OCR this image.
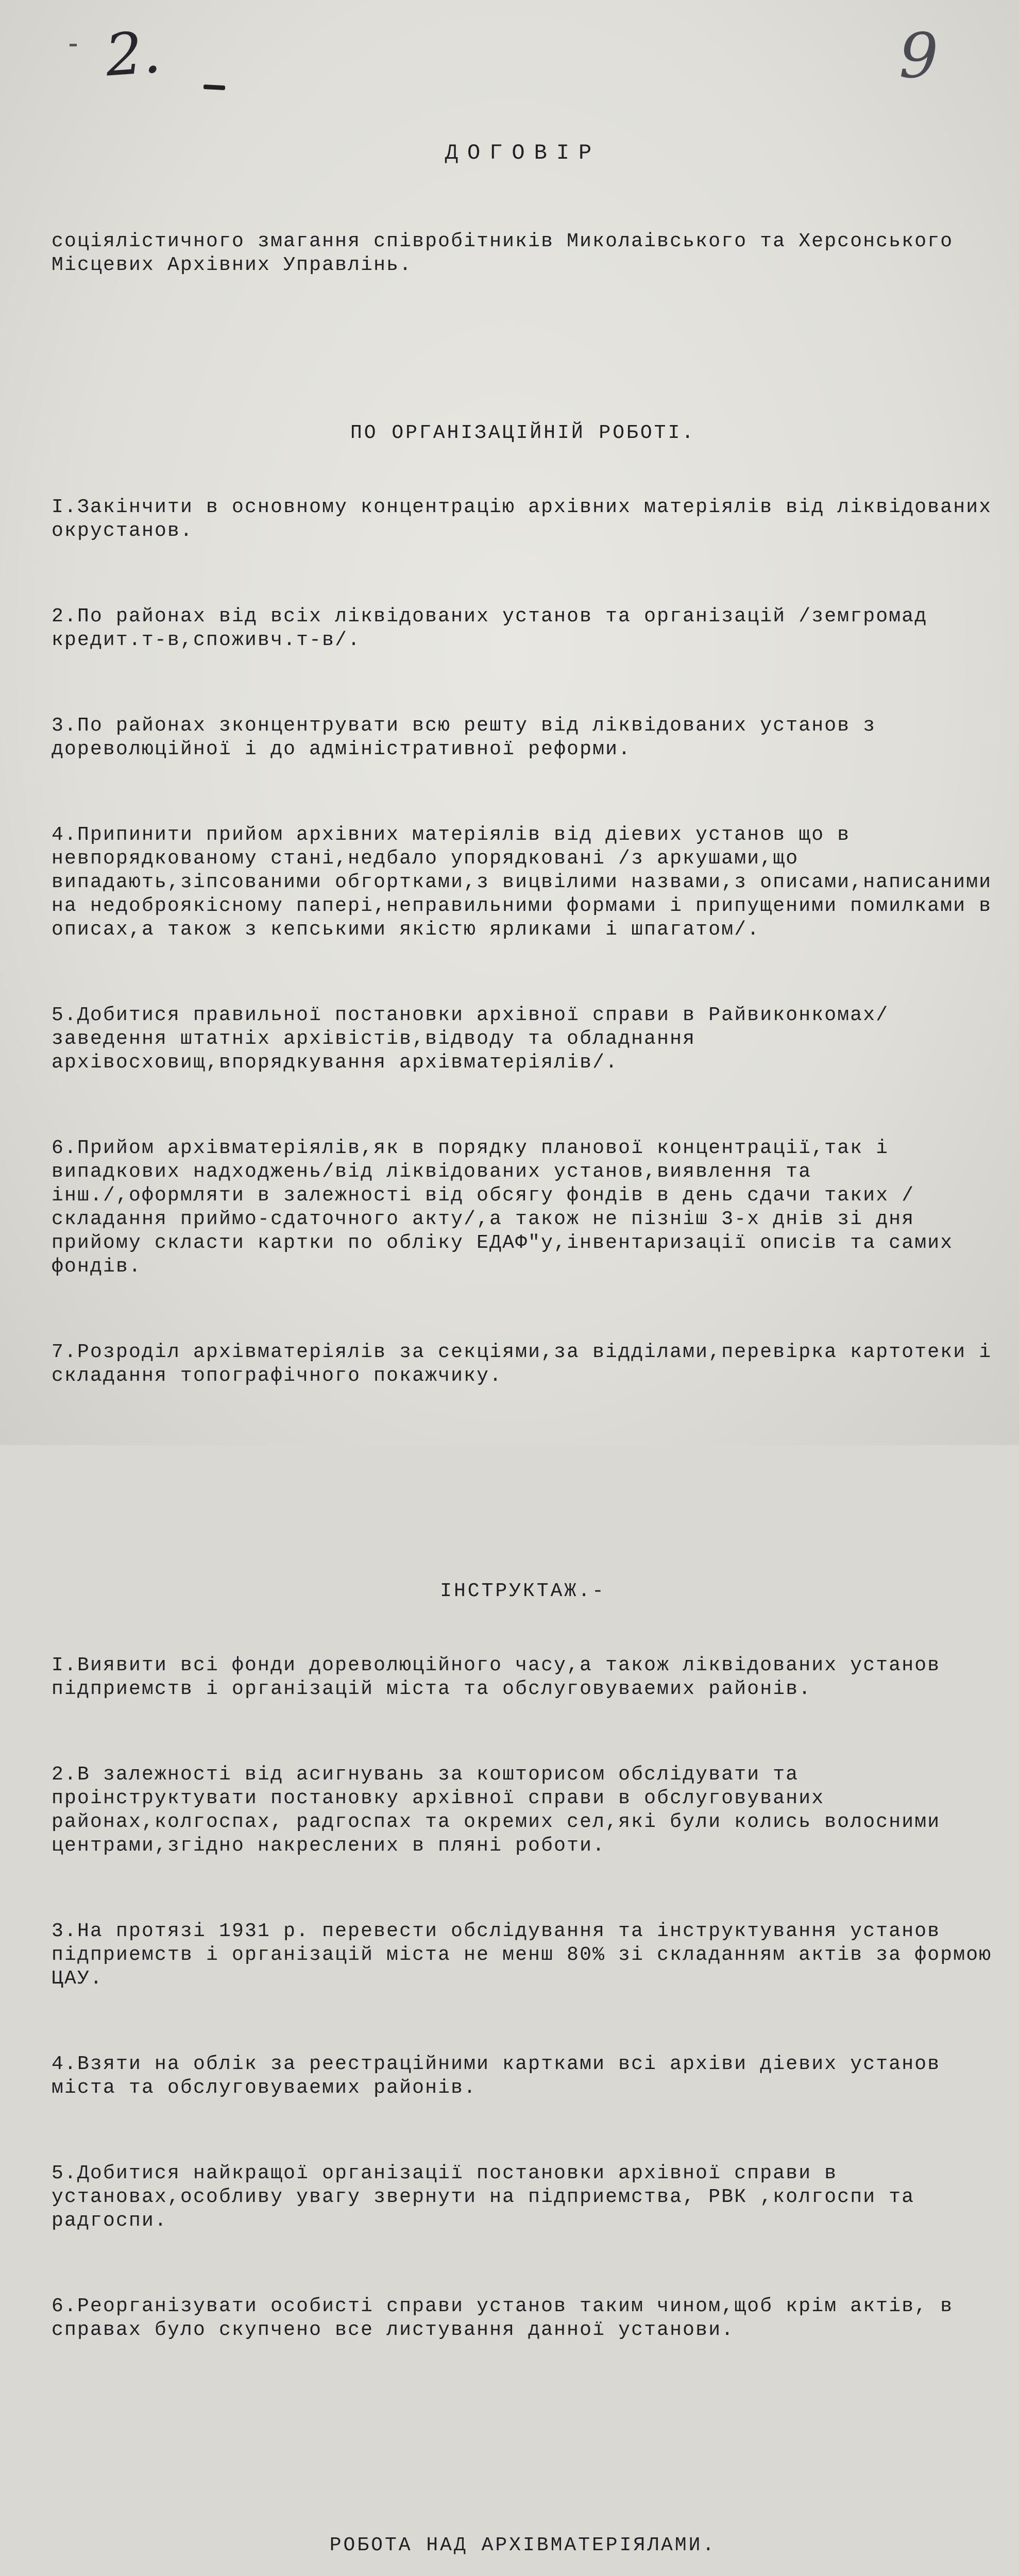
2.	9

ДОГОВІР

соціялістичного змагання співробітників Миколаівського та Херсонського Місцевих Архівних Управлінь.

ПО ОРГАНІЗАЦІЙНІЙ РОБОТІ.

І.Закінчити в основному концентрацію архівних матеріялів від ліквідованих окрустанов.

2.По районах від всіх ліквідованих установ та організацій /земгромад кредит.т-в,споживч.т-в/.

3.По районах зконцентрувати всю решту від ліквідованих установ з дореволюційної і до адміністративної реформи.

4.Припинити прийом архівних матеріялів від діевих установ що в невпорядкованому стані,недбало упорядковані /з аркушами,що випадають,зіпсованими обгортками,з вицвілими назвами,з описами,написаними на недоброякісному папері,неправильними формами і припущеними помилками в описах,а також з кепськими якістю ярликами і шпагатом/.

5.Добитися правильної постановки архівної справи в Райвиконкомах/ заведення штатніх архівістів,відводу та обладнання архівосховищ,впорядкування архівматеріялів/.

6.Прийом архівматеріялів,як в порядку планової концентрації,так і випадкових надходжень/від ліквідованих установ,виявлення та інш./,оформляти в залежності від обсягу фондів в день сдачи таких /складання приймо-сдаточного акту/,а також не пізніш 3-х днів зі дня прийому скласти картки по обліку ЕДАФ"у,інвентаризації описів та самих фондів.

7.Розроділ архівматеріялів за секціями,за відділами,перевірка картотеки і складання топографічного покажчику.

ІНСТРУКТАЖ.-

І.Виявити всі фонди дореволюційного часу,а також ліквідованих установ підприемств і організацій міста та обслуговуваемих районів.

2.В залежності від асигнувань за кошторисом обслідувати та проінструктувати постановку архівної справи в обслуговуваних районах,колгоспах, радгоспах та окремих сел,які були колись волосними центрами,згідно накреслених в пляні роботи.

3.На протязі 1931 р. перевести обслідування та інструктування установ підприемств і організацій міста не менш 80% зі складанням актів за формою ЦАУ.

4.Взяти на облік за реестраційними картками всі архіви діевих установ міста та обслуговуваемих районів.

5.Добитися найкращої організації постановки архівної справи в установах,особливу увагу звернути на підприемства, РВК ,колгоспи та радгоспи.

6.Реорганізувати особисті справи установ таким чином,щоб крім актів, в справах було скупчено все листування данної установи.

РОБОТА НАД АРХІВМАТЕРІЯЛАМИ.
